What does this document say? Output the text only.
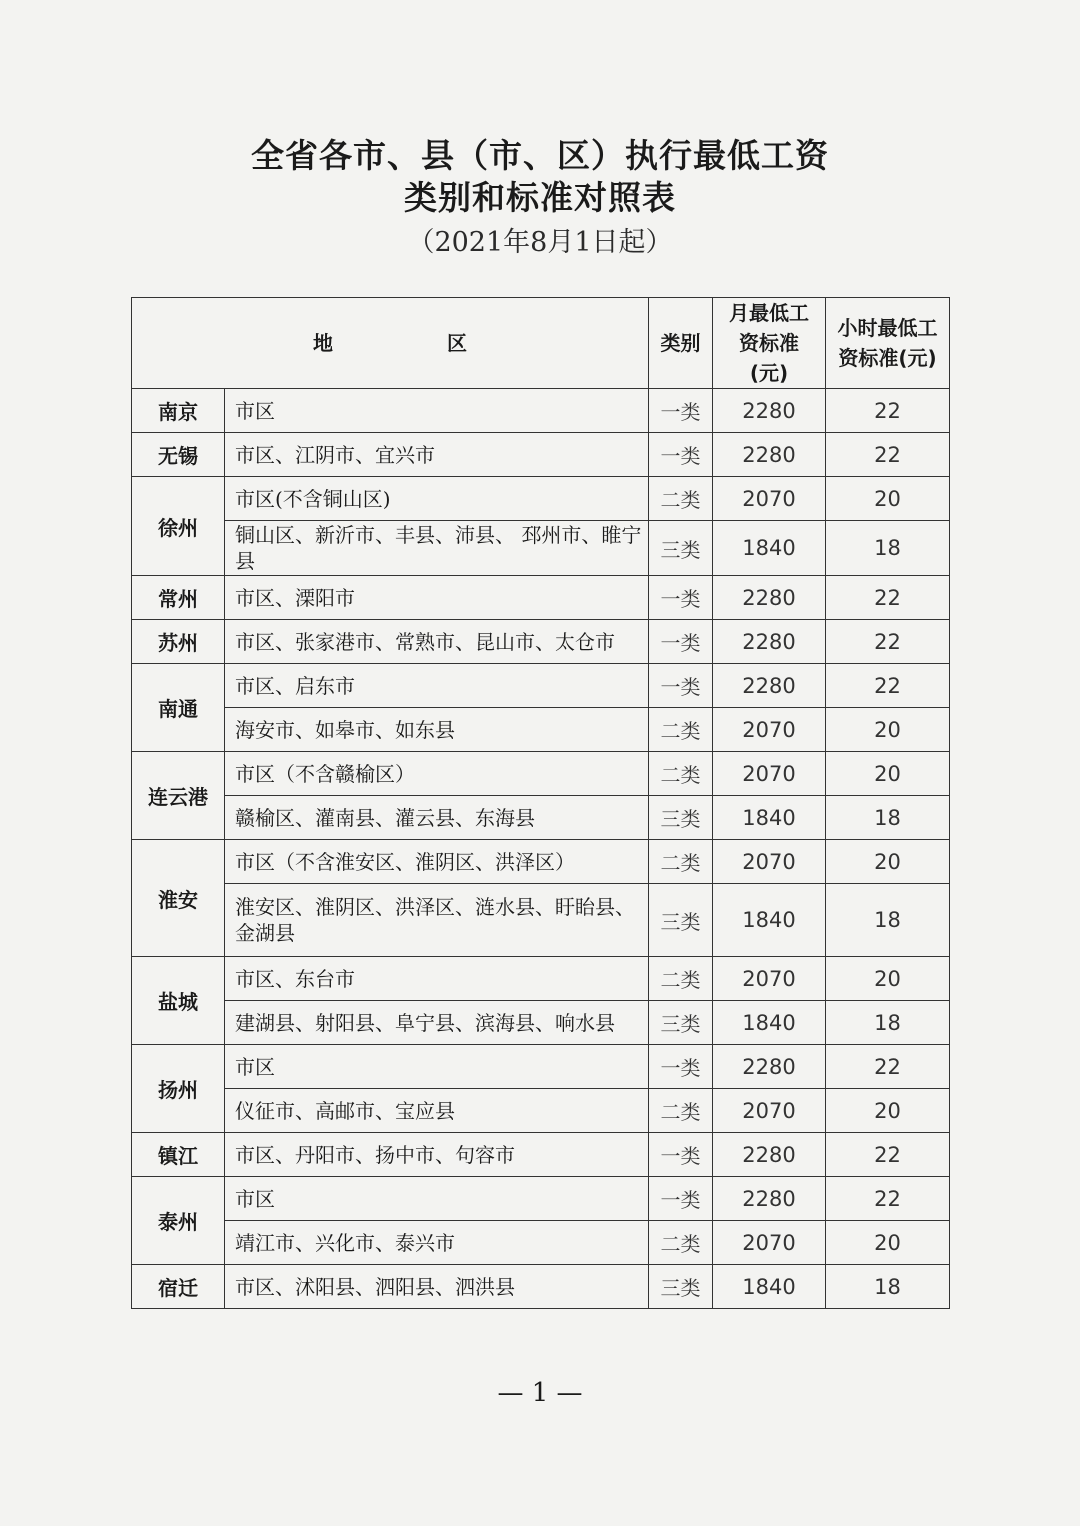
全省各市、县（市、区）执行最低工资
类别和标准对照表
（2021年8月1日起）
地 区		类别	月最低工资标准(元)	小时最低工资标准(元)
南京	市区	一类	2280	22
无锡	市区、江阴市、宜兴市	一类	2280	22
徐州	市区(不含铜山区)	二类	2070	20
	铜山区、新沂市、丰县、沛县、 邳州市、睢宁县	三类	1840	18
常州	市区、溧阳市	一类	2280	22
苏州	市区、张家港市、常熟市、昆山市、太仓市	一类	2280	22
南通	市区、启东市	一类	2280	22
	海安市、如皋市、如东县	二类	2070	20
连云港	市区（不含赣榆区）	二类	2070	20
	赣榆区、灌南县、灌云县、东海县	三类	1840	18
淮安	市区（不含淮安区、淮阴区、洪泽区）	二类	2070	20
	淮安区、淮阴区、洪泽区、涟水县、盱眙县、金湖县	三类	1840	18
盐城	市区、东台市	二类	2070	20
	建湖县、射阳县、阜宁县、滨海县、响水县	三类	1840	18
扬州	市区	一类	2280	22
	仪征市、高邮市、宝应县	二类	2070	20
镇江	市区、丹阳市、扬中市、句容市	一类	2280	22
泰州	市区	一类	2280	22
	靖江市、兴化市、泰兴市	二类	2070	20
宿迁	市区、沭阳县、泗阳县、泗洪县	三类	1840	18
— 1 —
